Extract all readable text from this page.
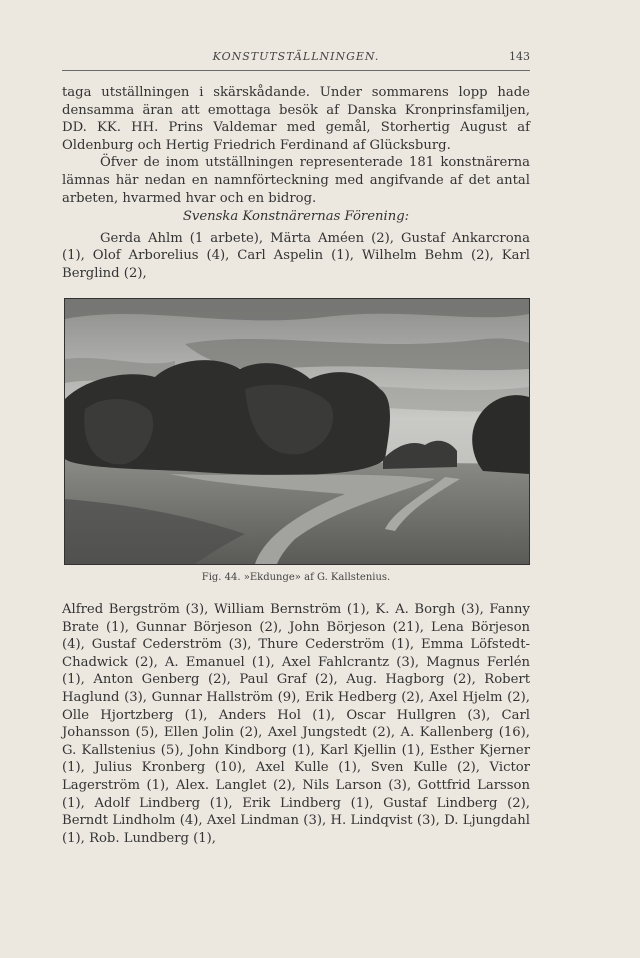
KONSTUTSTÄLLNINGEN.	143

taga utställningen i skärskådande. Under sommarens lopp hade densamma äran att emottaga besök af Danska Kronprinsfamiljen, DD. KK. HH. Prins Valdemar med gemål, Storhertig August af Oldenburg och Hertig Friedrich Ferdinand af Glücksburg.

Öfver de inom utställningen representerade 181 konstnärerna lämnas här nedan en namnförteckning med angifvande af det antal arbeten, hvarmed hvar och en bidrog.

Svenska Konstnärernas Förening:

Gerda Ahlm (1 arbete), Märta Améen (2), Gustaf Ankarcrona (1), Olof Arborelius (4), Carl Aspelin (1), Wilhelm Behm (2), Karl Berglind (2),

Fig. 44. »Ekdunge» af G. Kallstenius.

Alfred Bergström (3), William Bernström (1), K. A. Borgh (3), Fanny Brate (1), Gunnar Börjeson (2), John Börjeson (21), Lena Börjeson (4), Gustaf Cederström (3), Thure Cederström (1), Emma Löfstedt-Chadwick (2), A. Emanuel (1), Axel Fahlcrantz (3), Magnus Ferlén (1), Anton Genberg (2), Paul Graf (2), Aug. Hagborg (2), Robert Haglund (3), Gunnar Hallström (9), Erik Hedberg (2), Axel Hjelm (2), Olle Hjortzberg (1), Anders Hol (1), Oscar Hullgren (3), Carl Johansson (5), Ellen Jolin (2), Axel Jungstedt (2), A. Kallenberg (16), G. Kallstenius (5), John Kindborg (1), Karl Kjellin (1), Esther Kjerner (1), Julius Kronberg (10), Axel Kulle (1), Sven Kulle (2), Victor Lagerström (1), Alex. Langlet (2), Nils Larson (3), Gottfrid Larsson (1), Adolf Lindberg (1), Erik Lindberg (1), Gustaf Lindberg (2), Berndt Lindholm (4), Axel Lindman (3), H. Lindqvist (3), D. Ljungdahl (1), Rob. Lundberg (1),
